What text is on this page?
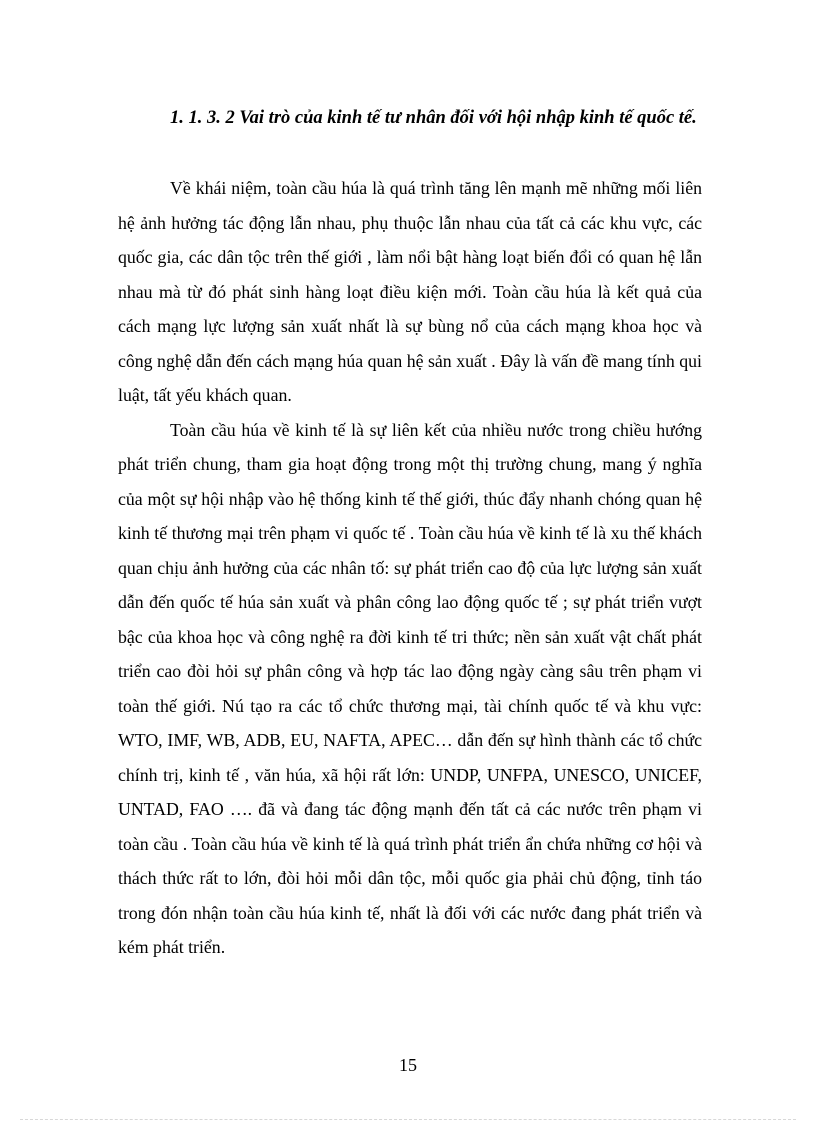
1. 1. 3. 2 Vai trò của kinh tế tư nhân đối với hội nhập kinh tế quốc tế.

Về khái niệm, toàn cầu húa là quá trình tăng lên mạnh mẽ những mối liên hệ ảnh hưởng tác động lẫn nhau, phụ thuộc lẫn nhau của tất cả các khu vực, các quốc gia, các dân tộc trên thế giới , làm nổi bật hàng loạt biến đổi có quan hệ lẫn nhau mà từ đó phát sinh hàng loạt điều kiện mới. Toàn cầu húa là kết quả của cách mạng lực lượng sản xuất nhất là sự bùng nổ của cách mạng khoa học và công nghệ dẫn đến cách mạng húa quan hệ sản xuất . Đây là vấn đề mang tính qui luật, tất yếu khách quan.

Toàn cầu húa về kinh tế là sự liên kết của nhiều nước trong chiều hướng phát triển chung, tham gia hoạt động trong một thị trường chung, mang ý nghĩa của một sự hội nhập vào hệ thống kinh tế thế giới, thúc đẩy nhanh chóng quan hệ kinh tế thương mại trên phạm vi quốc tế . Toàn cầu húa về kinh tế là xu thế khách quan chịu ảnh hưởng của các nhân tố: sự phát triển cao độ của lực lượng sản xuất dẫn đến quốc tế húa sản xuất và phân công lao động quốc tế ; sự phát triển vượt bậc của khoa học và công nghệ ra đời kinh tế tri thức; nền sản xuất vật chất phát triển cao đòi hỏi sự phân công và hợp tác lao động ngày càng sâu trên phạm vi toàn thế giới. Nú tạo ra các tổ chức thương mại, tài chính quốc tế và khu vực: WTO, IMF, WB, ADB, EU, NAFTA, APEC… dẫn đến sự hình thành các tổ chức chính trị, kinh tế , văn húa, xã hội rất lớn: UNDP, UNFPA, UNESCO, UNICEF, UNTAD, FAO …. đã và đang tác động mạnh đến tất cả các nước trên phạm vi toàn cầu . Toàn cầu húa về kinh tế là quá trình phát triển ẩn chứa những cơ hội và thách thức rất to lớn, đòi hỏi mỗi dân tộc, mỗi quốc gia phải chủ động, tỉnh táo trong đón nhận toàn cầu húa kinh tế, nhất là đối với các nước đang phát triển và kém phát triển.

15
